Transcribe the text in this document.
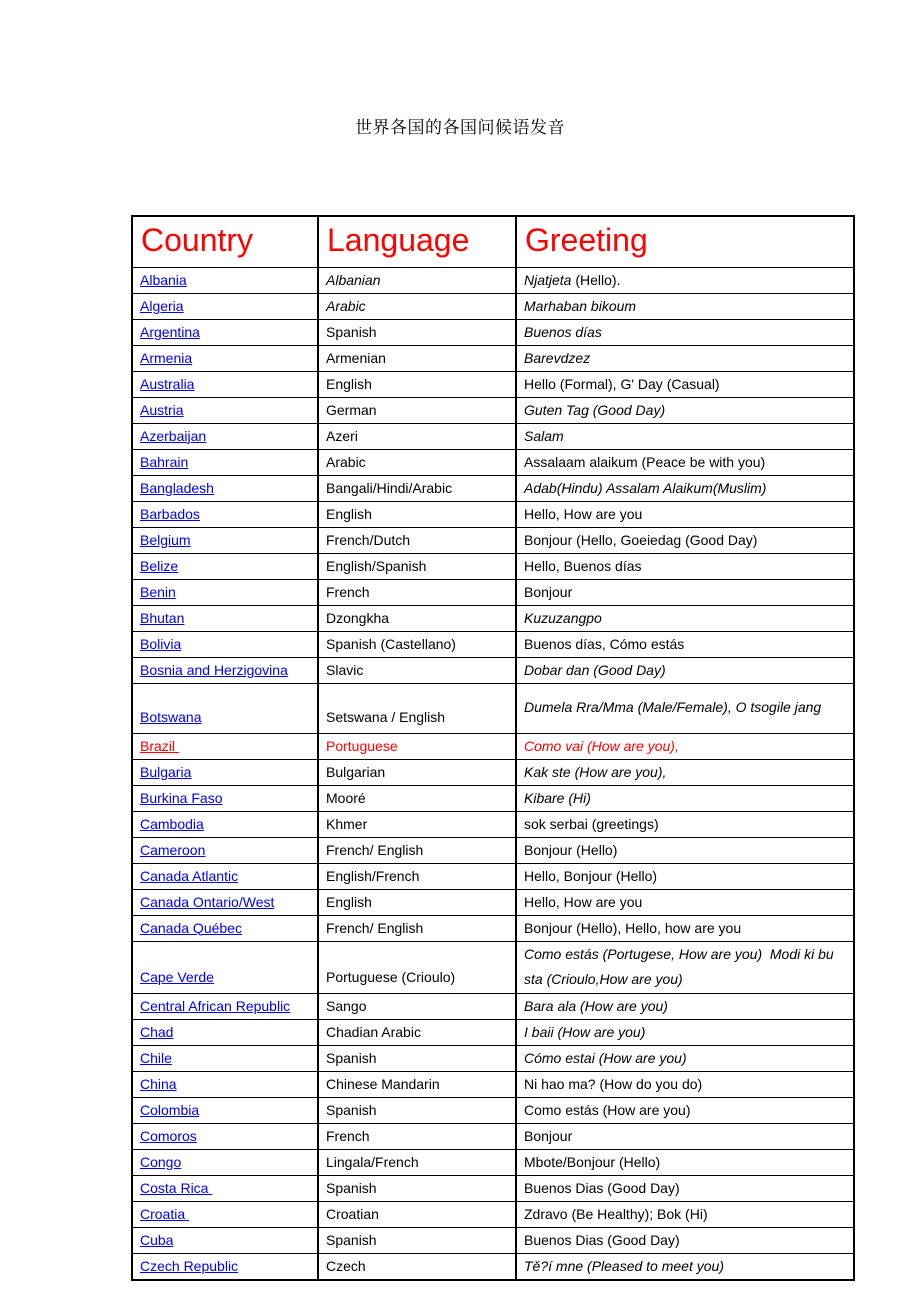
世界各国的各国问候语发音
Country	Language	Greeting
Albania	Albanian	Njatjeta (Hello).
Algeria	Arabic	Marhaban bikoum
Argentina	Spanish	Buenos días
Armenia	Armenian	Barevdzez
Australia	English	Hello (Formal), G' Day (Casual)
Austria	German	Guten Tag (Good Day)
Azerbaijan	Azeri	Salam
Bahrain	Arabic	Assalaam alaikum (Peace be with you)
Bangladesh	Bangali/Hindi/Arabic	Adab(Hindu) Assalam Alaikum(Muslim)
Barbados	English	Hello, How are you
Belgium	French/Dutch	Bonjour (Hello, Goeiedag (Good Day)
Belize	English/Spanish	Hello, Buenos días
Benin	French	Bonjour
Bhutan	Dzongkha	Kuzuzangpo
Bolivia	Spanish (Castellano)	Buenos días, Cómo estás
Bosnia and Herzigovina	Slavic	Dobar dan (Good Day)
Botswana	Setswana / English	Dumela Rra/Mma (Male/Female), O tsogile jang
Brazil	Portuguese	Como vai (How are you),
Bulgaria	Bulgarian	Kak ste (How are you),
Burkina Faso	Mooré	Kibare (Hi)
Cambodia	Khmer	sok serbai (greetings)
Cameroon	French/ English	Bonjour (Hello)
Canada Atlantic	English/French	Hello, Bonjour (Hello)
Canada Ontario/West	English	Hello, How are you
Canada Québec	French/ English	Bonjour (Hello), Hello, how are you
Cape Verde	Portuguese (Crioulo)	Como estás (Portugese, How are you)  Modi ki bu sta (Crioulo,How are you)
Central African Republic	Sango	Bara ala (How are you)
Chad	Chadian Arabic	I baii (How are you)
Chile	Spanish	Cómo estai (How are you)
China	Chinese Mandarin	Ni hao ma? (How do you do)
Colombia	Spanish	Como estás (How are you)
Comoros	French	Bonjour
Congo	Lingala/French	Mbote/Bonjour (Hello)
Costa Rica	Spanish	Buenos Dias (Good Day)
Croatia	Croatian	Zdravo (Be Healthy); Bok (Hi)
Cuba	Spanish	Buenos Dias (Good Day)
Czech Republic	Czech	Tě?í mne (Pleased to meet you)
